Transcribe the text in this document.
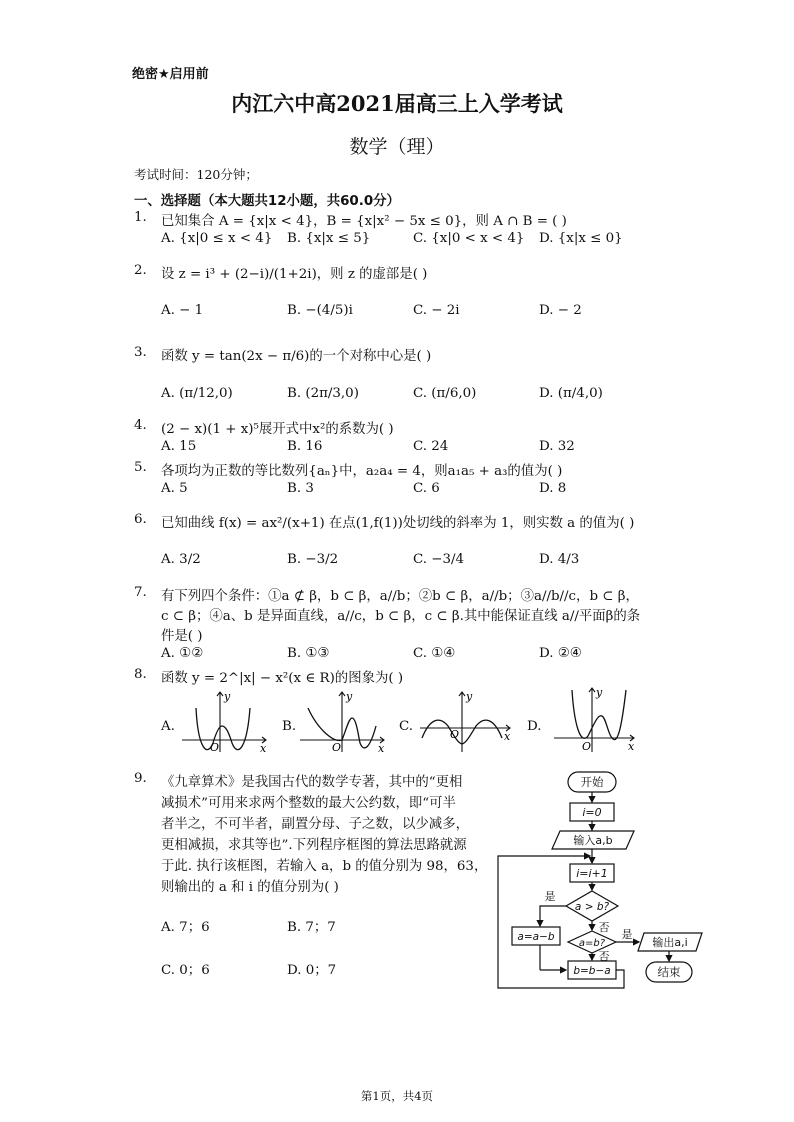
绝密★启用前
内江六中高2021届高三上入学考试
数学（理）
考试时间：120分钟；
一、选择题（本大题共12小题，共60.0分）
1. 已知集合 A = {x|x < 4}，B = {x|x² − 5x ≤ 0}，则 A ∩ B = ( )
A. {x|0 ≤ x < 4} B. {x|x ≤ 5}	C. {x|0 < x < 4} D. {x|x ≤ 0}
2. 设 z = i³ + (2−i)/(1+2i)，则 z 的虚部是( )
A. − 1	B. −(4/5)i	C. − 2i	D. − 2
3. 函数 y = tan(2x − π/6)的一个对称中心是( )
A. (π/12,0)	B. (2π/3,0)	C. (π/6,0)	D. (π/4,0)
4. (2 − x)(1 + x)⁵展开式中x²的系数为( )
A. 15	B. 16	C. 24	D. 32
5. 各项均为正数的等比数列{aₙ}中，a₂a₄ = 4，则a₁a₅ + a₃的值为( )
A. 5	B. 3	C. 6	D. 8
6. 已知曲线 f(x) = ax²/(x+1) 在点(1,f(1))处切线的斜率为 1，则实数 a 的值为( )
A. 3/2	B. −3/2	C. −3/4	D. 4/3
7. 有下列四个条件：①a ⊄ β，b ⊂ β，a//b；②b ⊂ β，a//b；③a//b//c，b ⊂ β，
c ⊂ β；④a、b 是异面直线，a//c，b ⊂ β，c ⊂ β.其中能保证直线 a//平面β的条
件是( )
A. ①②	B. ①③	C. ①④	D. ②④
8. 函数 y = 2^|x| − x²(x ∈ R)的图象为( )
A.	B.	C.	D.
y
x
O
y
x
O
y
x
O
y
x
O
9. 《九章算术》是我国古代的数学专著，其中的“更相
减损术”可用来求两个整数的最大公约数，即“可半
者半之，不可半者，副置分母、子之数，以少减多，
更相减损，求其等也”.下列程序框图的算法思路就源
于此. 执行该框图，若输入 a，b 的值分别为 98，63，
则输出的 a 和 i 的值分别为( )
A. 7；6	B. 7；7
C. 0；6	D. 0；7
开始
i=0
输入a,b
i=i+1
a > b?
是
否
a=a−b
a=b?
是
否
输出a,i
结束
b=b−a
第1页，共4页
